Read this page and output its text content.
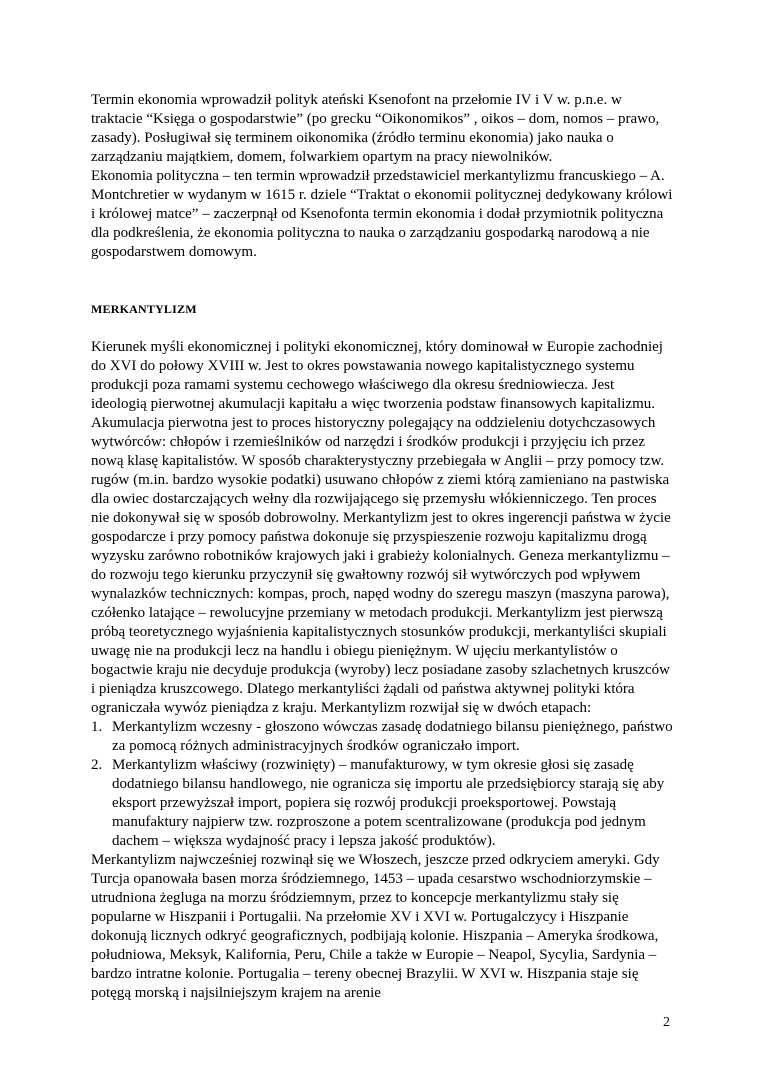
Termin ekonomia wprowadził polityk ateński Ksenofont na przełomie IV i V w. p.n.e. w traktacie “Księga o gospodarstwie” (po grecku “Oikonomikos” , oikos – dom, nomos – prawo, zasady). Posługiwał się terminem oikonomika (źródło terminu ekonomia) jako nauka o zarządzaniu majątkiem, domem, folwarkiem opartym na pracy niewolników.

Ekonomia polityczna – ten termin wprowadził przedstawiciel merkantylizmu francuskiego – A. Montchretier w wydanym w 1615 r. dziele “Traktat o ekonomii politycznej dedykowany królowi i królowej matce” – zaczerpnął od Ksenofonta termin ekonomia i dodał przymiotnik polityczna dla podkreślenia, że ekonomia polityczna to nauka o zarządzaniu gospodarką narodową a nie gospodarstwem domowym.

MERKANTYLIZM

Kierunek myśli ekonomicznej i polityki ekonomicznej, który dominował w Europie zachodniej do XVI do połowy XVIII w. Jest to okres powstawania nowego kapitalistycznego systemu produkcji poza ramami systemu cechowego właściwego dla okresu średniowiecza. Jest ideologią pierwotnej akumulacji kapitału a więc tworzenia podstaw finansowych kapitalizmu. Akumulacja pierwotna jest to proces historyczny polegający na oddzieleniu dotychczasowych wytwórców: chłopów i rzemieślników od narzędzi i środków produkcji i przyjęciu ich przez nową klasę kapitalistów. W sposób charakterystyczny przebiegała w Anglii – przy pomocy tzw. rugów (m.in. bardzo wysokie podatki) usuwano chłopów z ziemi którą zamieniano na pastwiska dla owiec dostarczających wełny dla rozwijającego się przemysłu włókienniczego. Ten proces nie dokonywał się w sposób dobrowolny. Merkantylizm jest to okres ingerencji państwa w życie gospodarcze i przy pomocy państwa dokonuje się przyspieszenie rozwoju kapitalizmu drogą wyzysku zarówno robotników krajowych jaki i grabieży kolonialnych. Geneza merkantylizmu – do rozwoju tego kierunku przyczynił się gwałtowny rozwój sił wytwórczych pod wpływem wynalazków technicznych: kompas, proch, napęd wodny do szeregu maszyn (maszyna parowa), czółenko latające – rewolucyjne przemiany w metodach produkcji. Merkantylizm jest pierwszą próbą teoretycznego wyjaśnienia kapitalistycznych stosunków produkcji, merkantyliści skupiali uwagę nie na produkcji lecz na handlu i obiegu pieniężnym. W ujęciu merkantylistów o bogactwie kraju nie decyduje produkcja (wyroby) lecz posiadane zasoby szlachetnych kruszców i pieniądza kruszcowego. Dlatego merkantyliści żądali od państwa aktywnej polityki która ograniczała wywóz pieniądza z kraju. Merkantylizm rozwijał się w dwóch etapach:

1. Merkantylizm wczesny - głoszono wówczas zasadę dodatniego bilansu pieniężnego, państwo za pomocą różnych administracyjnych środków ograniczało import.
2. Merkantylizm właściwy (rozwinięty) – manufakturowy, w tym okresie głosi się zasadę dodatniego bilansu handlowego, nie ogranicza się importu ale przedsiębiorcy starają się aby eksport przewyższał import, popiera się rozwój produkcji proeksportowej. Powstają manufaktury najpierw tzw. rozproszone a potem scentralizowane (produkcja pod jednym dachem – większa wydajność pracy i lepsza jakość produktów).

Merkantylizm najwcześniej rozwinął się we Włoszech, jeszcze przed odkryciem ameryki. Gdy Turcja opanowała basen morza śródziemnego, 1453 – upada cesarstwo wschodniorzymskie – utrudniona żegluga na morzu śródziemnym, przez to koncepcje merkantylizmu stały się popularne w Hiszpanii i Portugalii. Na przełomie XV i XVI w. Portugalczycy i Hiszpanie dokonują licznych odkryć geograficznych, podbijają kolonie. Hiszpania – Ameryka środkowa, południowa, Meksyk, Kalifornia, Peru, Chile a także w Europie – Neapol, Sycylia, Sardynia – bardzo intratne kolonie. Portugalia – tereny obecnej Brazylii. W XVI w. Hiszpania staje się potęgą morską i najsilniejszym krajem na arenie

2
